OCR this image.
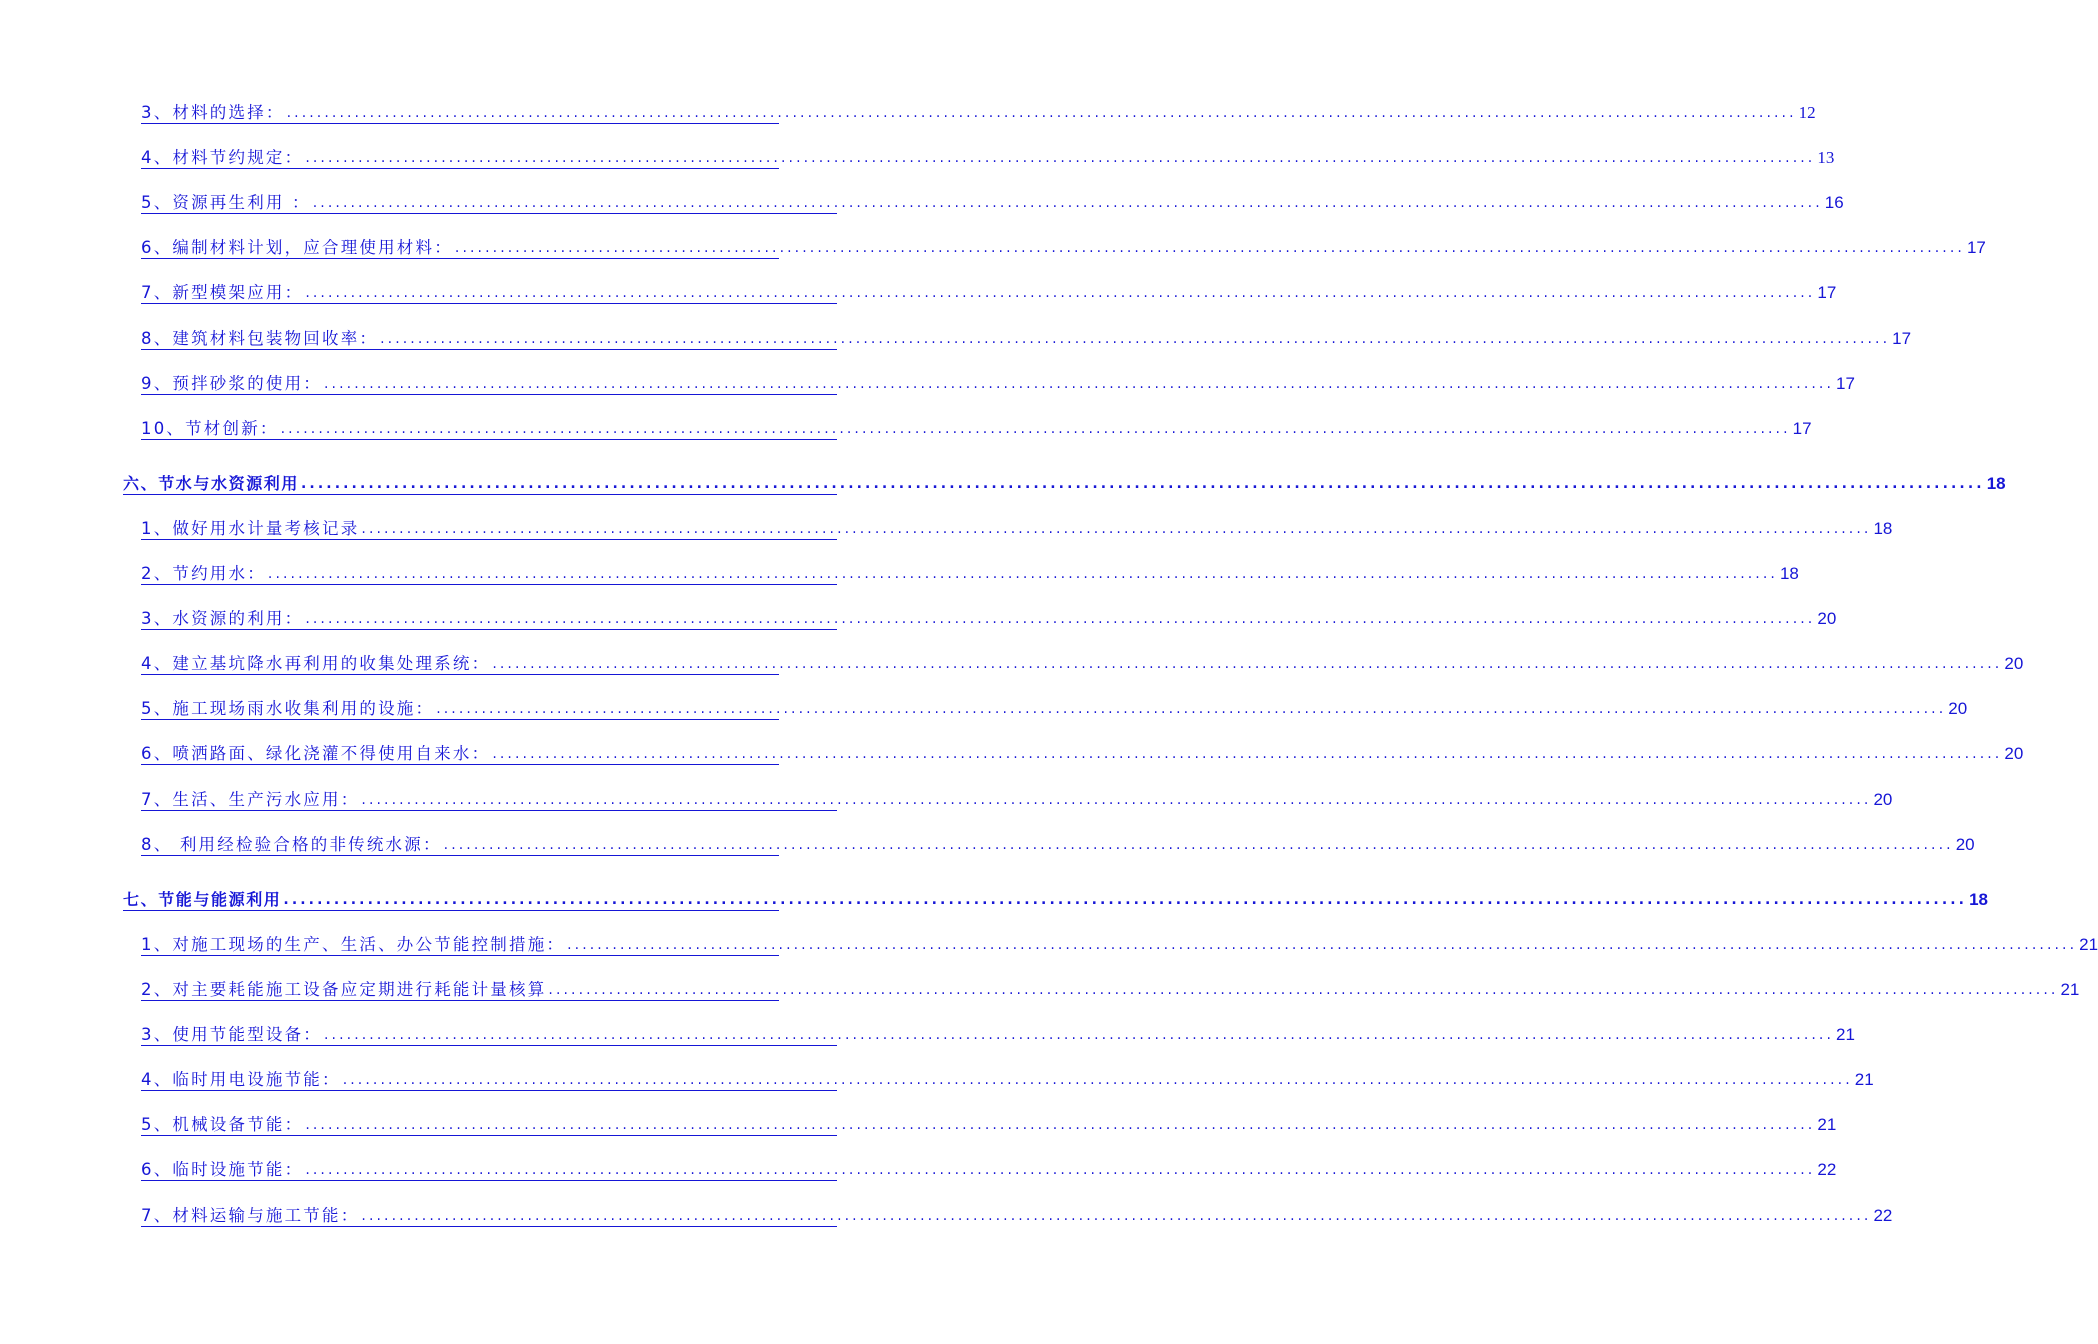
3、材料的选择： ........................................................................................................................................................................................................ 12
4、材料节约规定： ........................................................................................................................................................................................................ 13
5、资源再生利用 ： ........................................................................................................................................................................................................ 16
6、编制材料计划，应合理使用材料： ........................................................................................................................................................................................................ 17
7、新型模架应用： ........................................................................................................................................................................................................ 17
8、建筑材料包装物回收率： ........................................................................................................................................................................................................ 17
9、预拌砂浆的使用： ........................................................................................................................................................................................................ 17
10、节材创新： ........................................................................................................................................................................................................ 17
六、节水与水资源利用 ........................................................................................................................................................................................................ 18
1、做好用水计量考核记录 ........................................................................................................................................................................................................ 18
2、节约用水： ........................................................................................................................................................................................................ 18
3、水资源的利用： ........................................................................................................................................................................................................ 20
4、建立基坑降水再利用的收集处理系统： ........................................................................................................................................................................................................ 20
5、施工现场雨水收集利用的设施： ........................................................................................................................................................................................................ 20
6、喷洒路面、绿化浇灌不得使用自来水： ........................................................................................................................................................................................................ 20
7、生活、生产污水应用： ........................................................................................................................................................................................................ 20
8、 利用经检验合格的非传统水源： ........................................................................................................................................................................................................ 20
七、节能与能源利用 ........................................................................................................................................................................................................ 18
1、对施工现场的生产、生活、办公节能控制措施： ........................................................................................................................................................................................................ 21
2、对主要耗能施工设备应定期进行耗能计量核算 ........................................................................................................................................................................................................ 21
3、使用节能型设备： ........................................................................................................................................................................................................ 21
4、临时用电设施节能： ........................................................................................................................................................................................................ 21
5、机械设备节能： ........................................................................................................................................................................................................ 21
6、临时设施节能： ........................................................................................................................................................................................................ 22
7、材料运输与施工节能： ........................................................................................................................................................................................................ 22
